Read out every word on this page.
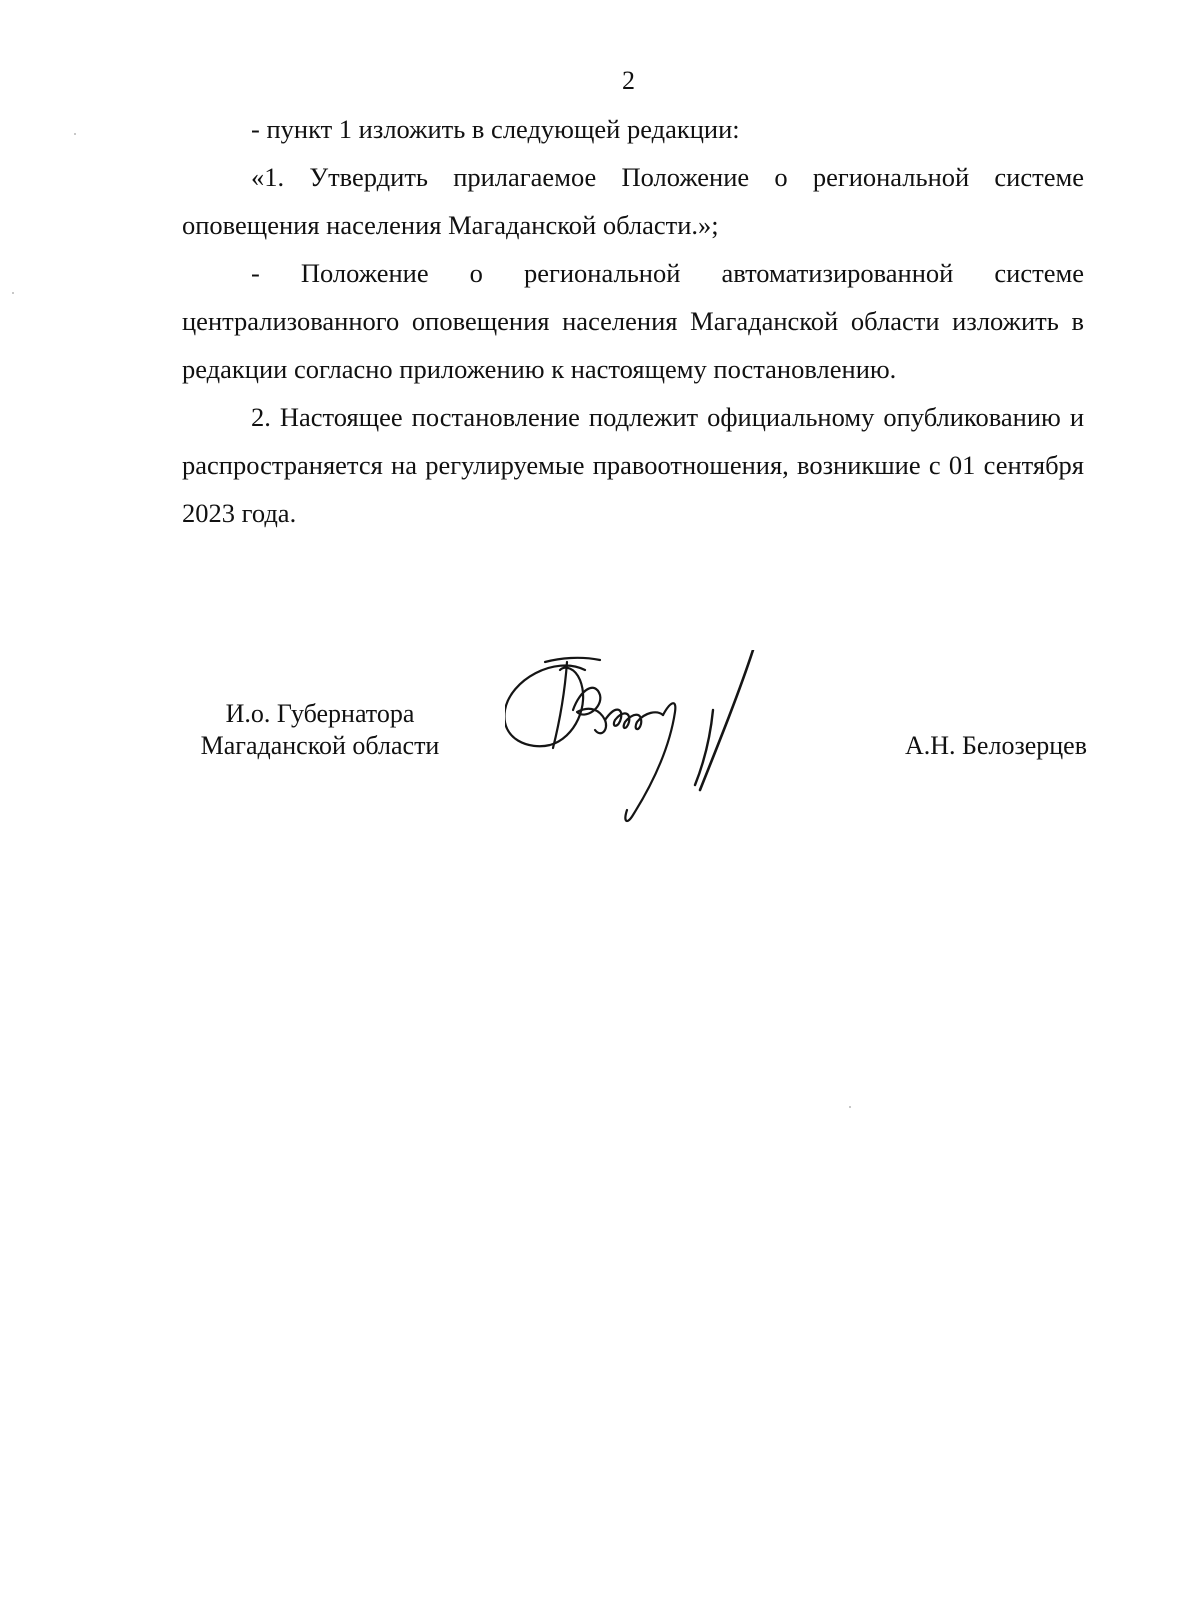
2

- пункт 1 изложить в следующей редакции:

«1. Утвердить прилагаемое Положение о региональной системе оповещения населения Магаданской области.»;

- Положение о региональной автоматизированной системе централизованного оповещения населения Магаданской области изложить в редакции согласно приложению к настоящему постановлению.

2. Настоящее постановление подлежит официальному опубликованию и распространяется на регулируемые правоотношения, возникшие с 01 сентября 2023 года.

И.о. Губернатора
Магаданской области	А.Н. Белозерцев
